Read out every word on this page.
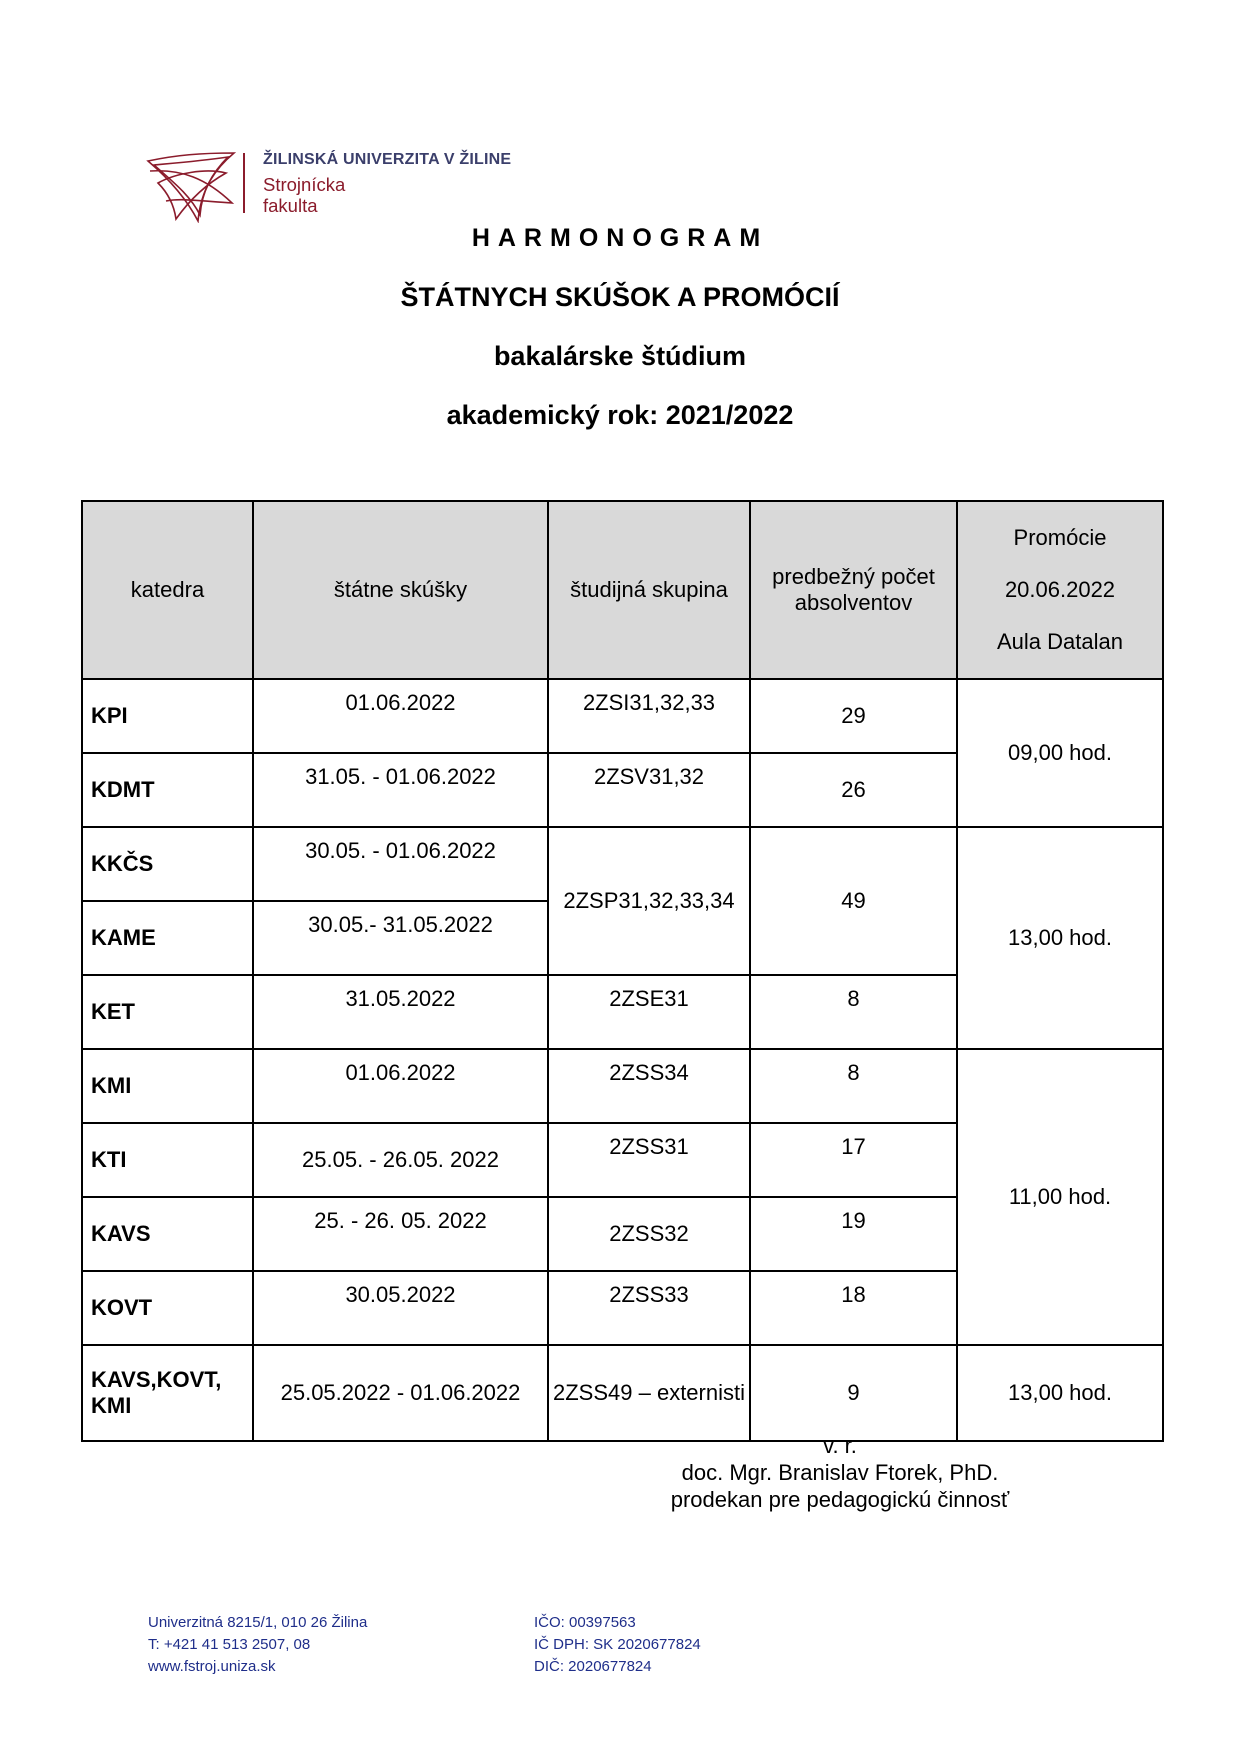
ŽILINSKÁ UNIVERZITA V ŽILINE
Strojnícka
fakulta
HARMONOGRAM
ŠTÁTNYCH SKÚŠOK A PROMÓCIÍ
bakalárske štúdium
akademický rok: 2021/2022
katedra	štátne skúšky	študijná skupina	predbežný počet absolventov	Promócie
20.06.2022
Aula Datalan

KPI	01.06.2022	2ZSI31,32,33	29	09,00 hod.
KDMT	31.05. - 01.06.2022	2ZSV31,32	26	
KKČS	30.05. - 01.06.2022	2ZSP31,32,33,34	49	13,00 hod.
KAME	30.05.- 31.05.2022			
KET	31.05.2022	2ZSE31	8	
KMI	01.06.2022	2ZSS34	8	11,00 hod.
KTI	25.05. - 26.05. 2022	2ZSS31	17	
KAVS	25. - 26. 05. 2022	2ZSS32	19	
KOVT	30.05.2022	2ZSS33	18	
KAVS,KOVT, KMI	25.05.2022 - 01.06.2022	2ZSS49 – externisti	9	13,00 hod.
v. r.
doc. Mgr. Branislav Ftorek, PhD.
prodekan pre pedagogickú činnosť
Univerzitná 8215/1, 010 26 Žilina
T: +421 41 513 2507, 08
www.fstroj.uniza.sk
IČO: 00397563
IČ DPH: SK 2020677824
DIČ: 2020677824
